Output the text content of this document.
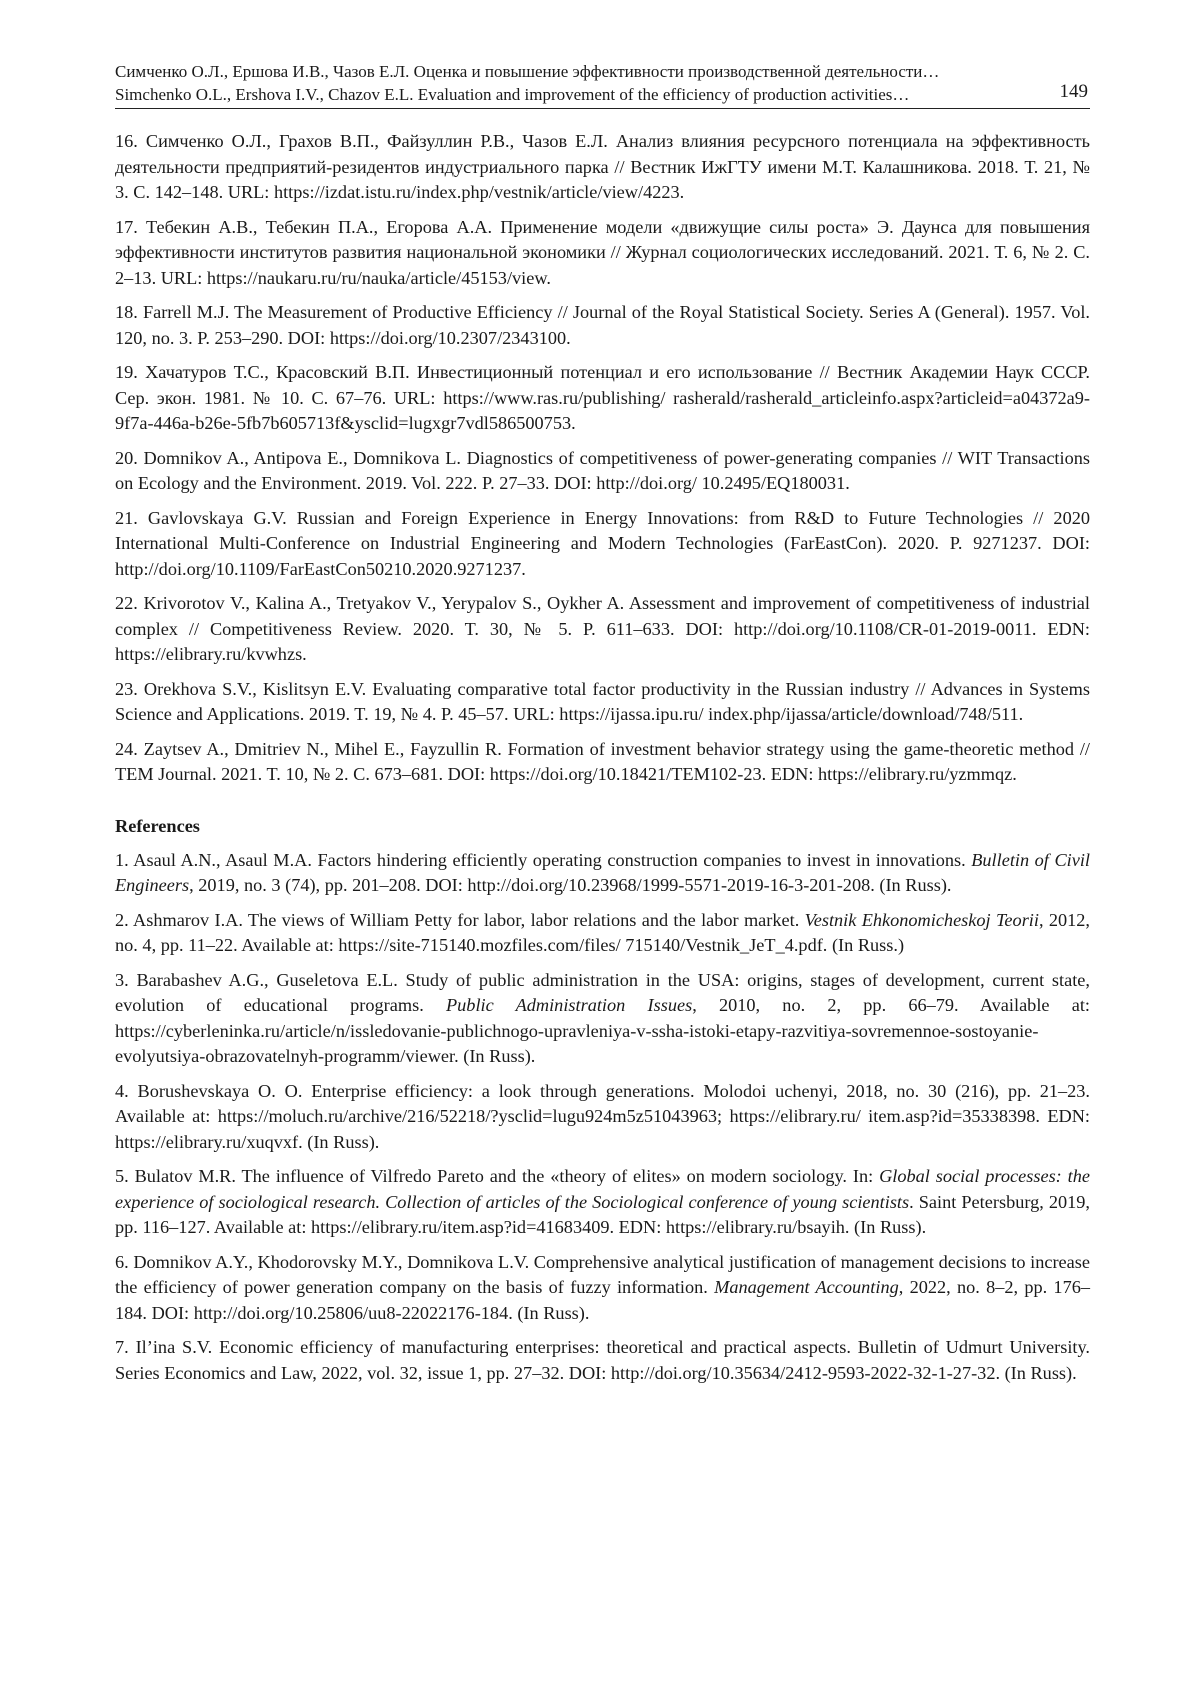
Симченко О.Л., Ершова И.В., Чазов Е.Л. Оценка и повышение эффективности производственной деятельности…
Simchenko O.L., Ershova I.V., Chazov E.L. Evaluation and improvement of the efficiency of production activities…	149

16. Симченко О.Л., Грахов В.П., Файзуллин Р.В., Чазов Е.Л. Анализ влияния ресурсного потенциала на эффективность деятельности предприятий-резидентов индустриального парка // Вестник ИжГТУ имени М.Т. Калашникова. 2018. Т. 21, № 3. С. 142–148. URL: https://izdat.istu.ru/index.php/vestnik/article/view/4223.

17. Тебекин А.В., Тебекин П.А., Егорова А.А. Применение модели «движущие силы роста» Э. Даунса для повышения эффективности институтов развития национальной экономики // Журнал социологических исследований. 2021. Т. 6, № 2. С. 2–13. URL: https://naukaru.ru/ru/nauka/article/45153/view.

18. Farrell M.J. The Measurement of Productive Efficiency // Journal of the Royal Statistical Society. Series A (General). 1957. Vol. 120, no. 3. P. 253–290. DOI: https://doi.org/10.2307/2343100.

19. Хачатуров Т.С., Красовский В.П. Инвестиционный потенциал и его использование // Вестник Академии Наук СССР. Сер. экон. 1981. № 10. С. 67–76. URL: https://www.ras.ru/publishing/ rasherald/rasherald_articleinfo.aspx?articleid=a04372a9-9f7a-446a-b26e-5fb7b605713f&ysclid=lugxgr7vdl586500753.

20. Domnikov A., Antipova E., Domnikova L. Diagnostics of competitiveness of power-generating companies // WIT Transactions on Ecology and the Environment. 2019. Vol. 222. P. 27–33. DOI: http://doi.org/ 10.2495/EQ180031.

21. Gavlovskaya G.V. Russian and Foreign Experience in Energy Innovations: from R&D to Future Technologies // 2020 International Multi-Conference on Industrial Engineering and Modern Technologies (FarEastCon). 2020. P. 9271237. DOI: http://doi.org/10.1109/FarEastCon50210.2020.9271237.

22. Krivorotov V., Kalina A., Tretyakov V., Yerypalov S., Oykher A. Assessment and improvement of competitiveness of industrial complex // Competitiveness Review. 2020. T. 30, № 5. P. 611–633. DOI: http://doi.org/10.1108/CR-01-2019-0011. EDN: https://elibrary.ru/kvwhzs.

23. Orekhova S.V., Kislitsyn E.V. Evaluating comparative total factor productivity in the Russian industry // Advances in Systems Science and Applications. 2019. T. 19, № 4. P. 45–57. URL: https://ijassa.ipu.ru/ index.php/ijassa/article/download/748/511.

24. Zaytsev A., Dmitriev N., Mihel E., Fayzullin R. Formation of investment behavior strategy using the game-theoretic method // TEM Journal. 2021. T. 10, № 2. C. 673–681. DOI: https://doi.org/10.18421/TEM102-23. EDN: https://elibrary.ru/yzmmqz.

References

1. Asaul A.N., Asaul M.A. Factors hindering efficiently operating construction companies to invest in innovations. Bulletin of Civil Engineers, 2019, no. 3 (74), pp. 201–208. DOI: http://doi.org/10.23968/1999-5571-2019-16-3-201-208. (In Russ).

2. Ashmarov I.A. The views of William Petty for labor, labor relations and the labor market. Vestnik Ehkonomicheskoj Teorii, 2012, no. 4, pp. 11–22. Available at: https://site-715140.mozfiles.com/files/ 715140/Vestnik_JeT_4.pdf. (In Russ.)

3. Barabashev A.G., Guseletova E.L. Study of public administration in the USA: origins, stages of development, current state, evolution of educational programs. Public Administration Issues, 2010, no. 2, pp. 66–79. Available at: https://cyberleninka.ru/article/n/issledovanie-publichnogo-upravleniya-v-ssha-istoki-etapy-razvitiya-sovremennoe-sostoyanie-evolyutsiya-obrazovatelnyh-programm/viewer. (In Russ).

4. Borushevskaya O. O. Enterprise efficiency: a look through generations. Molodoi uchenyi, 2018, no. 30 (216), pp. 21–23. Available at: https://moluch.ru/archive/216/52218/?ysclid=lugu924m5z51043963; https://elibrary.ru/ item.asp?id=35338398. EDN: https://elibrary.ru/xuqvxf. (In Russ).

5. Bulatov M.R. The influence of Vilfredo Pareto and the «theory of elites» on modern sociology. In: Global social processes: the experience of sociological research. Collection of articles of the Sociological conference of young scientists. Saint Petersburg, 2019, pp. 116–127. Available at: https://elibrary.ru/item.asp?id=41683409. EDN: https://elibrary.ru/bsayih. (In Russ).

6. Domnikov A.Y., Khodorovsky M.Y., Domnikova L.V. Comprehensive analytical justification of management decisions to increase the efficiency of power generation company on the basis of fuzzy information. Management Accounting, 2022, no. 8–2, pp. 176–184. DOI: http://doi.org/10.25806/uu8-22022176-184. (In Russ).

7. Il’ina S.V. Economic efficiency of manufacturing enterprises: theoretical and practical aspects. Bulletin of Udmurt University. Series Economics and Law, 2022, vol. 32, issue 1, pp. 27–32. DOI: http://doi.org/10.35634/2412-9593-2022-32-1-27-32. (In Russ).
